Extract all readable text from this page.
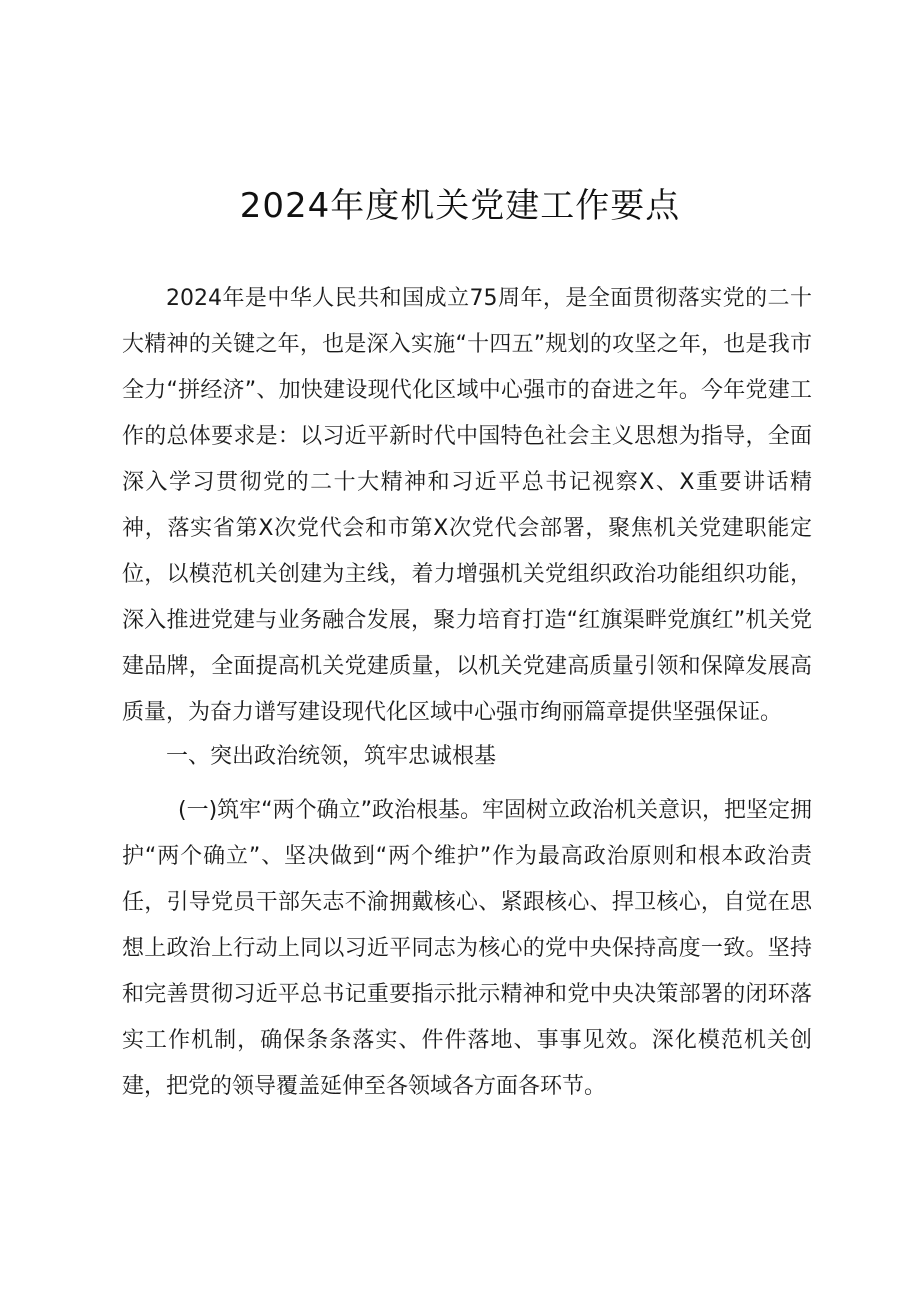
2024年度机关党建工作要点

2024年是中华人民共和国成立75周年，是全面贯彻落实党的二十大精神的关键之年，也是深入实施“十四五”规划的攻坚之年，也是我市全力“拼经济”、加快建设现代化区域中心强市的奋进之年。今年党建工作的总体要求是：以习近平新时代中国特色社会主义思想为指导，全面深入学习贯彻党的二十大精神和习近平总书记视察X、X重要讲话精神，落实省第X次党代会和市第X次党代会部署，聚焦机关党建职能定位，以模范机关创建为主线，着力增强机关党组织政治功能组织功能，深入推进党建与业务融合发展，聚力培育打造“红旗渠畔党旗红”机关党建品牌，全面提高机关党建质量，以机关党建高质量引领和保障发展高质量，为奋力谱写建设现代化区域中心强市绚丽篇章提供坚强保证。

一、突出政治统领，筑牢忠诚根基

(一)筑牢“两个确立”政治根基。牢固树立政治机关意识，把坚定拥护“两个确立”、坚决做到“两个维护”作为最高政治原则和根本政治责任，引导党员干部矢志不渝拥戴核心、紧跟核心、捍卫核心，自觉在思想上政治上行动上同以习近平同志为核心的党中央保持高度一致。坚持和完善贯彻习近平总书记重要指示批示精神和党中央决策部署的闭环落实工作机制，确保条条落实、件件落地、事事见效。深化模范机关创建，把党的领导覆盖延伸至各领域各方面各环节。
